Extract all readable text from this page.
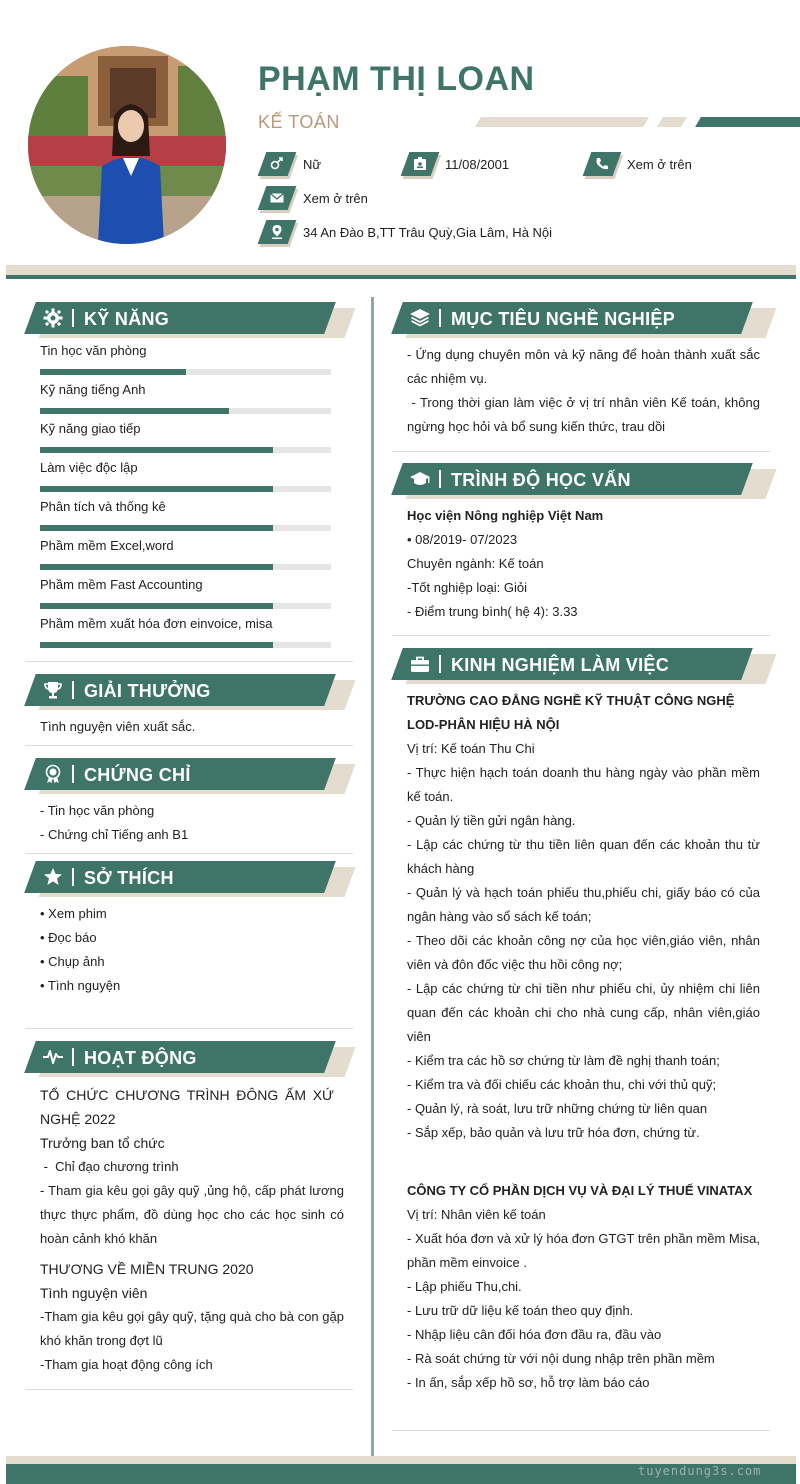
PHẠM THỊ LOAN
KẾ TOÁN
Nữ	11/08/2001	Xem ở trên
Xem ở trên
34 An Đào B,TT Trâu Quỳ,Gia Lâm, Hà Nội
KỸ NĂNG
Tin học văn phòng
Kỹ năng tiếng Anh
Kỹ năng giao tiếp
Làm việc độc lập
Phân tích và thống kê
Phầm mềm Excel,word
Phầm mềm Fast Accounting
Phầm mềm xuất hóa đơn einvoice, misa
GIẢI THƯỞNG
Tình nguyện viên xuất sắc.
CHỨNG CHỈ
- Tin học văn phòng
- Chứng chỉ Tiếng anh B1
SỞ THÍCH
• Xem phim
• Đọc báo
• Chụp ảnh
• Tình nguyện
HOẠT ĐỘNG
TỔ CHỨC CHƯƠNG TRÌNH ĐÔNG ẤM XỨ NGHỆ 2022
Trưởng ban tổ chức
-  Chỉ đạo chương trình
- Tham gia kêu gọi gây quỹ ,ủng hộ, cấp phát lương thực thực phẩm, đồ dùng học cho các học sinh có hoàn cảnh khó khăn
THƯƠNG VỀ MIỀN TRUNG 2020
Tình nguyện viên
-Tham gia kêu gọi gây quỹ, tặng quà cho bà con gặp khó khăn trong đợt lũ
-Tham gia hoạt động công ích
MỤC TIÊU NGHỀ NGHIỆP
- Ứng dụng chuyên môn và kỹ năng để hoàn thành xuất sắc các nhiệm vụ.
- Trong thời gian làm việc ở vị trí nhân viên Kế toán, không ngừng học hỏi và bổ sung kiến thức, trau dồi
TRÌNH ĐỘ HỌC VẤN
Học viện Nông nghiệp Việt Nam
• 08/2019- 07/2023
Chuyên ngành: Kế toán
-Tốt nghiệp loại: Giỏi
- Điểm trung bình( hệ 4): 3.33
KINH NGHIỆM LÀM VIỆC
TRƯỜNG CAO ĐẲNG NGHỀ KỸ THUẬT CÔNG NGHỆ LOD-PHÂN HIỆU HÀ NỘI
Vị trí: Kế toán Thu Chi
- Thực hiện hạch toán doanh thu hàng ngày vào phần mềm kế toán.
- Quản lý tiền gửi ngân hàng.
- Lập các chứng từ thu tiền liên quan đến các khoản thu từ khách hàng
- Quản lý và hạch toán phiếu thu,phiếu chi, giấy báo có của ngân hàng vào sổ sách kế toán;
- Theo dõi các khoản công nợ của học viên,giáo viên, nhân viên và đôn đốc việc thu hồi công nợ;
- Lập các chứng từ chi tiền như phiếu chi, ủy nhiệm chi liên quan đến các khoản chi cho nhà cung cấp, nhân viên,giáo viên
- Kiểm tra các hồ sơ chứng từ làm đề nghị thanh toán;
- Kiểm tra và đối chiếu các khoản thu, chi với thủ quỹ;
- Quản lý, rà soát, lưu trữ những chứng từ liên quan
- Sắp xếp, bảo quản và lưu trữ hóa đơn, chứng từ.
CÔNG TY CỔ PHẦN DỊCH VỤ VÀ ĐẠI LÝ THUẾ VINATAX
Vị trí: Nhân viên kế toán
- Xuất hóa đơn và xử lý hóa đơn GTGT trên phần mềm Misa, phần mềm einvoice .
- Lập phiếu Thu,chi.
- Lưu trữ dữ liệu kế toán theo quy định.
- Nhập liệu cân đối hóa đơn đầu ra, đầu vào
- Rà soát chứng từ với nội dung nhập trên phần mềm
- In ấn, sắp xếp hồ sơ, hỗ trợ làm báo cáo
tuyendung3s.com
